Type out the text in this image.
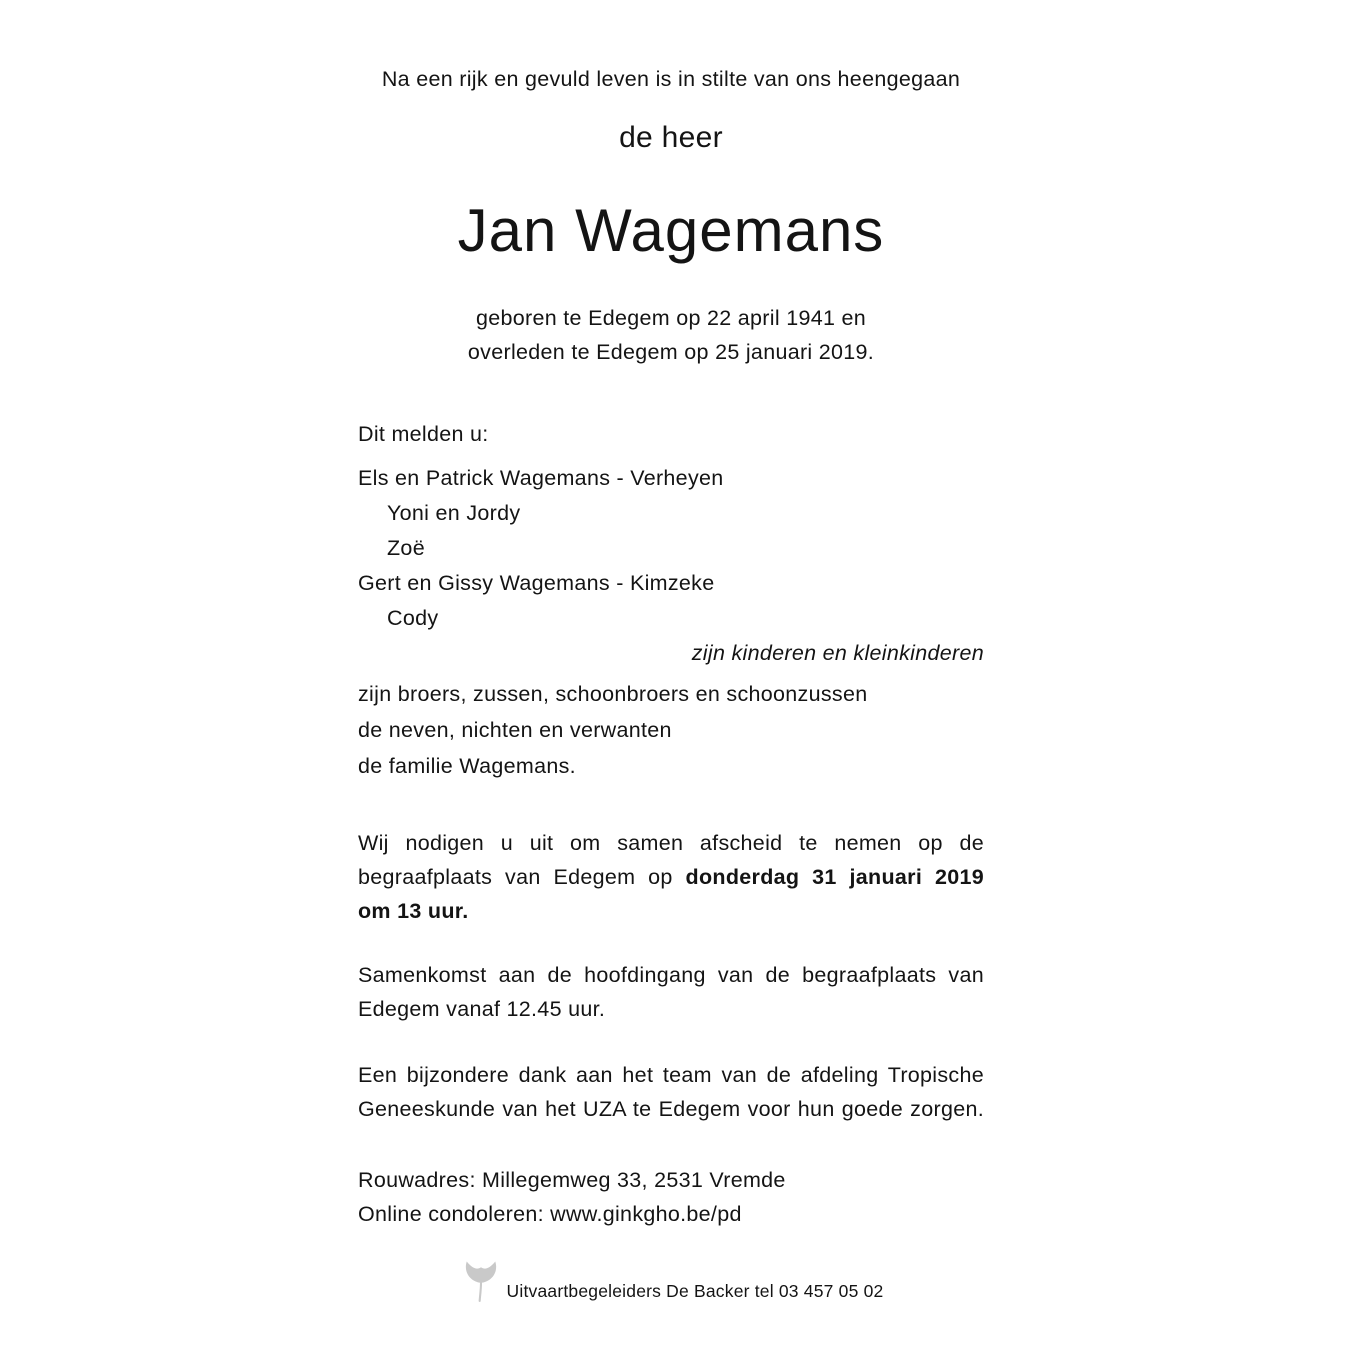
Na een rijk en gevuld leven is in stilte van ons heengegaan
de heer
Jan Wagemans
geboren te Edegem op 22 april 1941 en
overleden te Edegem op 25 januari 2019.
Dit melden u:
Els en Patrick Wagemans - Verheyen
Yoni en Jordy
Zoë
Gert en Gissy Wagemans - Kimzeke
Cody
zijn kinderen en kleinkinderen
zijn broers, zussen, schoonbroers en schoonzussen
de neven, nichten en verwanten
de familie Wagemans.
Wij nodigen u uit om samen afscheid te nemen op de
begraafplaats van Edegem op donderdag 31 januari 2019
om 13 uur.
Samenkomst aan de hoofdingang van de begraafplaats van
Edegem vanaf 12.45 uur.
Een bijzondere dank aan het team van de afdeling Tropische
Geneeskunde van het UZA te Edegem voor hun goede zorgen.
Rouwadres: Millegemweg 33, 2531 Vremde
Online condoleren: www.ginkgho.be/pd
Uitvaartbegeleiders De Backer tel 03 457 05 02
